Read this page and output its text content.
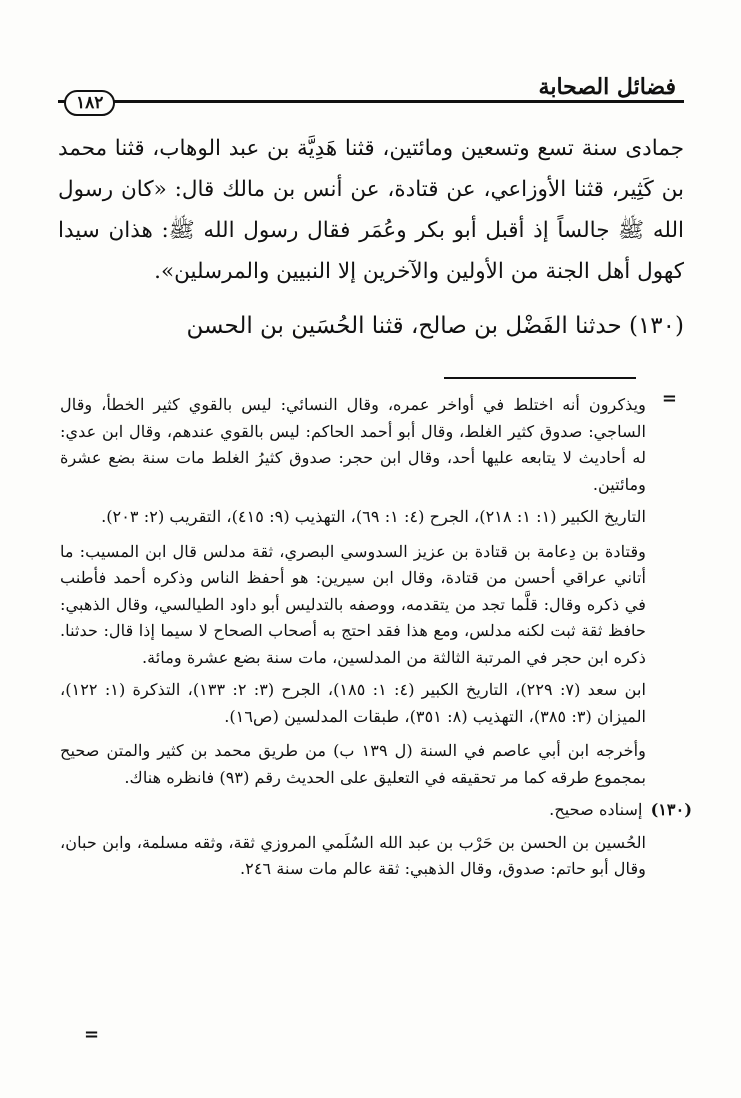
فضائل الصحابة
١٨٢

جمادى سنة تسع وتسعين ومائتين، قثنا هَدِيَّة بن عبد الوهاب، قثنا محمد بن كَثِير، قثنا الأوزاعي، عن قتادة، عن أنس بن مالك قال: «كان رسول الله ﷺ جالساً إذ أقبل أبو بكر وعُمَر فقال رسول الله ﷺ: هذان سيدا كهول أهل الجنة من الأولين والآخرين إلا النبيين والمرسلين».

(١٣٠) حدثنا الفَضْل بن صالح، قثنا الحُسَين بن الحسن

=

ويذكرون أنه اختلط في أواخر عمره، وقال النسائي: ليس بالقوي كثير الخطأ، وقال الساجي: صدوق كثير الغلط، وقال أبو أحمد الحاكم: ليس بالقوي عندهم، وقال ابن عدي: له أحاديث لا يتابعه عليها أحد، وقال ابن حجر: صدوق كثيرُ الغلط مات سنة بضع عشرة ومائتين.

التاريخ الكبير (١: ١: ٢١٨)، الجرح (٤: ١: ٦٩)، التهذيب (٩: ٤١٥)، التقريب (٢: ٢٠٣).

وقتادة بن دِعامة بن قتادة بن عزيز السدوسي البصري، ثقة مدلس قال ابن المسيب: ما أتاني عراقي أحسن من قتادة، وقال ابن سيرين: هو أحفظ الناس وذكره أحمد فأطنب في ذكره وقال: قلَّما تجد من يتقدمه، ووصفه بالتدليس أبو داود الطيالسي، وقال الذهبي: حافظ ثقة ثبت لكنه مدلس، ومع هذا فقد احتج به أصحاب الصحاح لا سيما إذا قال: حدثنا. ذكره ابن حجر في المرتبة الثالثة من المدلسين، مات سنة بضع عشرة ومائة.

ابن سعد (٧: ٢٢٩)، التاريخ الكبير (٤: ١: ١٨٥)، الجرح (٣: ٢: ١٣٣)، التذكرة (١: ١٢٢)، الميزان (٣: ٣٨٥)، التهذيب (٨: ٣٥١)، طبقات المدلسين (ص١٦).

وأخرجه ابن أبي عاصم في السنة (ل ١٣٩ ب) من طريق محمد بن كثير والمتن صحيح بمجموع طرقه كما مر تحقيقه في التعليق على الحديث رقم (٩٣) فانظره هناك.

(١٣٠)
إسناده صحيح.

الحُسين بن الحسن بن حَرْب بن عبد الله السُلَمي المروزي ثقة، وثقه مسلمة، وابن حبان، وقال أبو حاتم: صدوق، وقال الذهبي: ثقة عالم مات سنة ٢٤٦.

=
